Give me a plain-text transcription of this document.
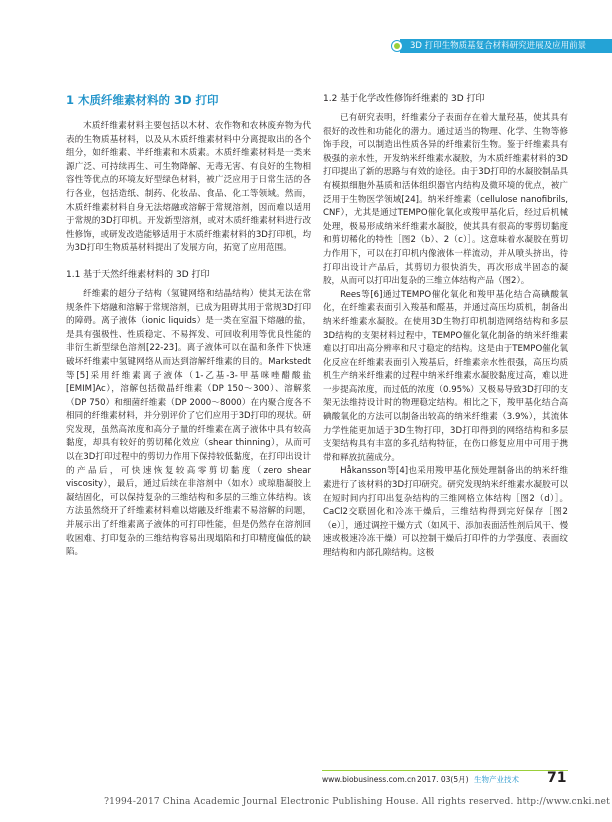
3D 打印生物质基复合材料研究进展及应用前景
1 木质纤维素材料的 3D 打印

木质纤维素材料主要包括以木材、农作物和农林废弃物为代表的生物质基材料，以及从木质纤维素材料中分离提取出的各个组分，如纤维素、半纤维素和木质素。木质纤维素材料是一类来源广泛、可持续再生、可生物降解、无毒无害、有良好的生物相容性等优点的环境友好型绿色材料，被广泛应用于日常生活的各行各业，包括造纸、制药、化妆品、食品、化工等领域。然而，木质纤维素材料自身无法熔融或溶解于常规溶剂，因而难以适用于常规的3D打印机。开发新型溶剂，或对木质纤维素材料进行改性修饰，或研发改造能够适用于木质纤维素材料的3D打印机，均为3D打印生物质基材料提出了发展方向，拓宽了应用范围。

1.1 基于天然纤维素材料的 3D 打印

纤维素的超分子结构（氢键网络和结晶结构）使其无法在常规条件下熔融和溶解于常规溶剂，已成为阻碍其用于常规3D打印的障碍。离子液体（ionic liquids）是一类在室温下熔融的盐，是具有强极性、性质稳定、不易挥发、可回收利用等优良性能的非衍生新型绿色溶剂[22-23]。离子液体可以在温和条件下快速破坏纤维素中氢键网络从而达到溶解纤维素的目的。Markstedt等[5]采用纤维素离子液体（1-乙基-3-甲基咪唑醋酸盐[EMIM]Ac），溶解包括微晶纤维素（DP 150～300）、溶解浆（DP 750）和细菌纤维素（DP 2000～8000）在内聚合度各不相同的纤维素材料，并分别评价了它们应用于3D打印的现状。研究发现，虽然高浓度和高分子量的纤维素在离子液体中具有较高黏度，却具有较好的剪切稀化效应（shear thinning），从而可以在3D打印过程中的剪切力作用下保持较低黏度，在打印出设计的产品后，可快速恢复较高零剪切黏度（zero shear viscosity），最后，通过后续在非溶剂中（如水）或琼脂凝胶上凝结固化，可以保持复杂的三维结构和多层的三维立体结构。该方法虽然绕开了纤维素材料难以熔融及纤维素不易溶解的问题，并展示出了纤维素离子液体的可打印性能，但是仍然存在溶剂回收困难、打印复杂的三维结构容易出现塌陷和打印精度偏低的缺陷。

1.2 基于化学改性修饰纤维素的 3D 打印

已有研究表明，纤维素分子表面存在着大量羟基，使其具有很好的改性和功能化的潜力。通过适当的物理、化学、生物等修饰手段，可以制造出性质各异的纤维素衍生物。鉴于纤维素具有极强的亲水性，开发纳米纤维素水凝胶，为木质纤维素材料的3D打印提出了新的思路与有效的途径。由于3D打印的水凝胶制品具有模拟细胞外基质和活体组织器官内结构及微环境的优点，被广泛用于生物医学领域[24]。纳米纤维素（cellulose nanofibrils, CNF），尤其是通过TEMPO催化氧化或羧甲基化后，经过后机械处理，极易形成纳米纤维素水凝胶，使其具有很高的零剪切黏度和剪切稀化的特性［图2（b）、2（c）］。这意味着水凝胶在剪切力作用下，可以在打印机内像液体一样流动，并从喷头挤出，待打印出设计产品后，其剪切力很快消失，再次形成半固态的凝胶，从而可以打印出复杂的三维立体结构产品（图2）。

Rees等[6]通过TEMPO催化氧化和羧甲基化结合高碘酸氧化，在纤维素表面引入羧基和醛基，并通过高压均质机，制备出纳米纤维素水凝胶。在使用3D生物打印机制造网络结构和多层3D结构的支架材料过程中，TEMPO催化氧化制备的纳米纤维素难以打印出高分辨率和尺寸稳定的结构。这是由于TEMPO催化氧化反应在纤维素表面引入羧基后，纤维素亲水性很强，高压均质机生产纳米纤维素的过程中纳米纤维素水凝胶黏度过高，难以进一步提高浓度，而过低的浓度（0.95%）又极易导致3D打印的支架无法维持设计时的物理稳定结构。相比之下，羧甲基化结合高碘酸氧化的方法可以制备出较高的纳米纤维素（3.9%），其流体力学性能更加适于3D生物打印，3D打印得到的网络结构和多层支架结构具有丰富的多孔结构特征，在伤口修复应用中可用于携带和释放抗菌成分。

Håkansson等[4]也采用羧甲基化预处理制备出的纳米纤维素进行了该材料的3D打印研究。研究发现纳米纤维素水凝胶可以在短时间内打印出复杂结构的三维网格立体结构［图2（d）］。CaCl2交联固化和冷冻干燥后，三维结构得到完好保存［图2（e）］，通过调控干燥方式（如风干、添加表面活性剂后风干、慢速或极速冷冻干燥）可以控制干燥后打印件的力学强度、表面纹理结构和内部孔隙结构。这极

www.biobusiness.com.cn 2017. 03(5月) 生物产业技术 71
?1994-2017 China Academic Journal Electronic Publishing House. All rights reserved. http://www.cnki.net
